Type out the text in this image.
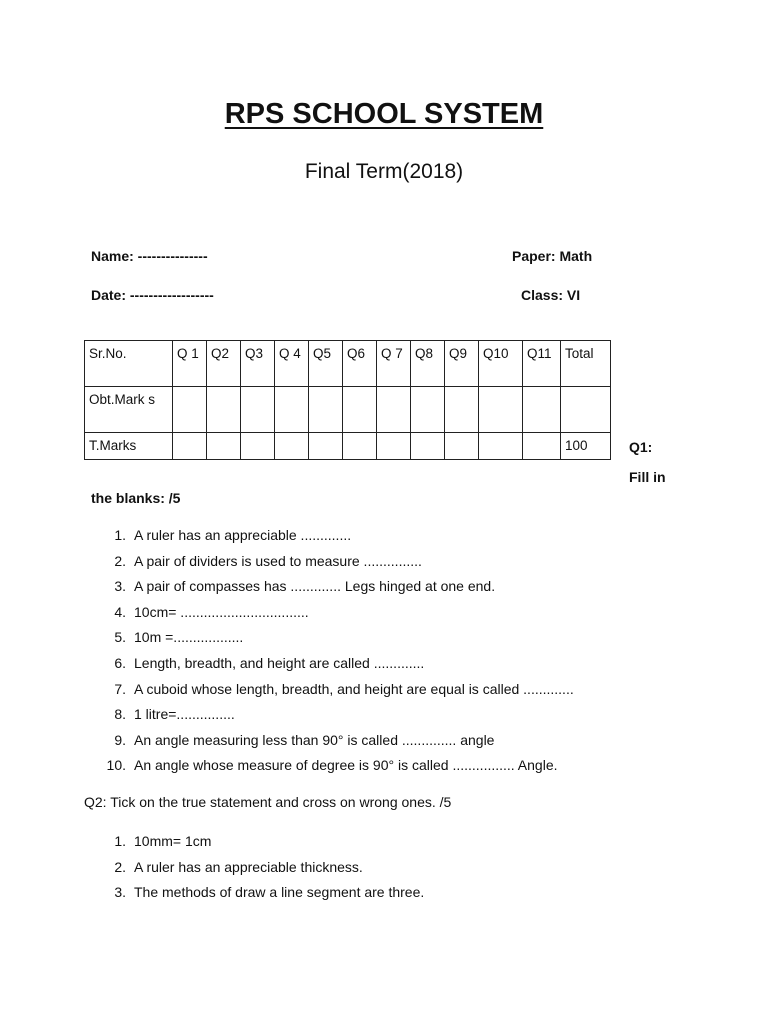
RPS SCHOOL SYSTEM
Final Term(2018)
Name: ---------------	Paper: Math
Date: ------------------	Class: VI
Sr.No.	Q 1	Q2	Q3	Q 4	Q5	Q6	Q 7	Q8	Q9	Q10	Q11	Total
Obt.Mark s												
T.Marks												100	Q1:
Fill in
the blanks: /5
1. A ruler has an appreciable .............
2. A pair of dividers is used to measure ...............
3. A pair of compasses has ............. Legs hinged at one end.
4. 10cm= .................................
5. 10m =..................
6. Length, breadth, and height are called .............
7. A cuboid whose length, breadth, and height are equal is called .............
8. 1 litre=...............
9. An angle measuring less than 90° is called .............. angle
10. An angle whose measure of degree is 90° is called ................ Angle.
Q2: Tick on the true statement and cross on wrong ones. /5
1. 10mm= 1cm
2. A ruler has an appreciable thickness.
3. The methods of draw a line segment are three.
